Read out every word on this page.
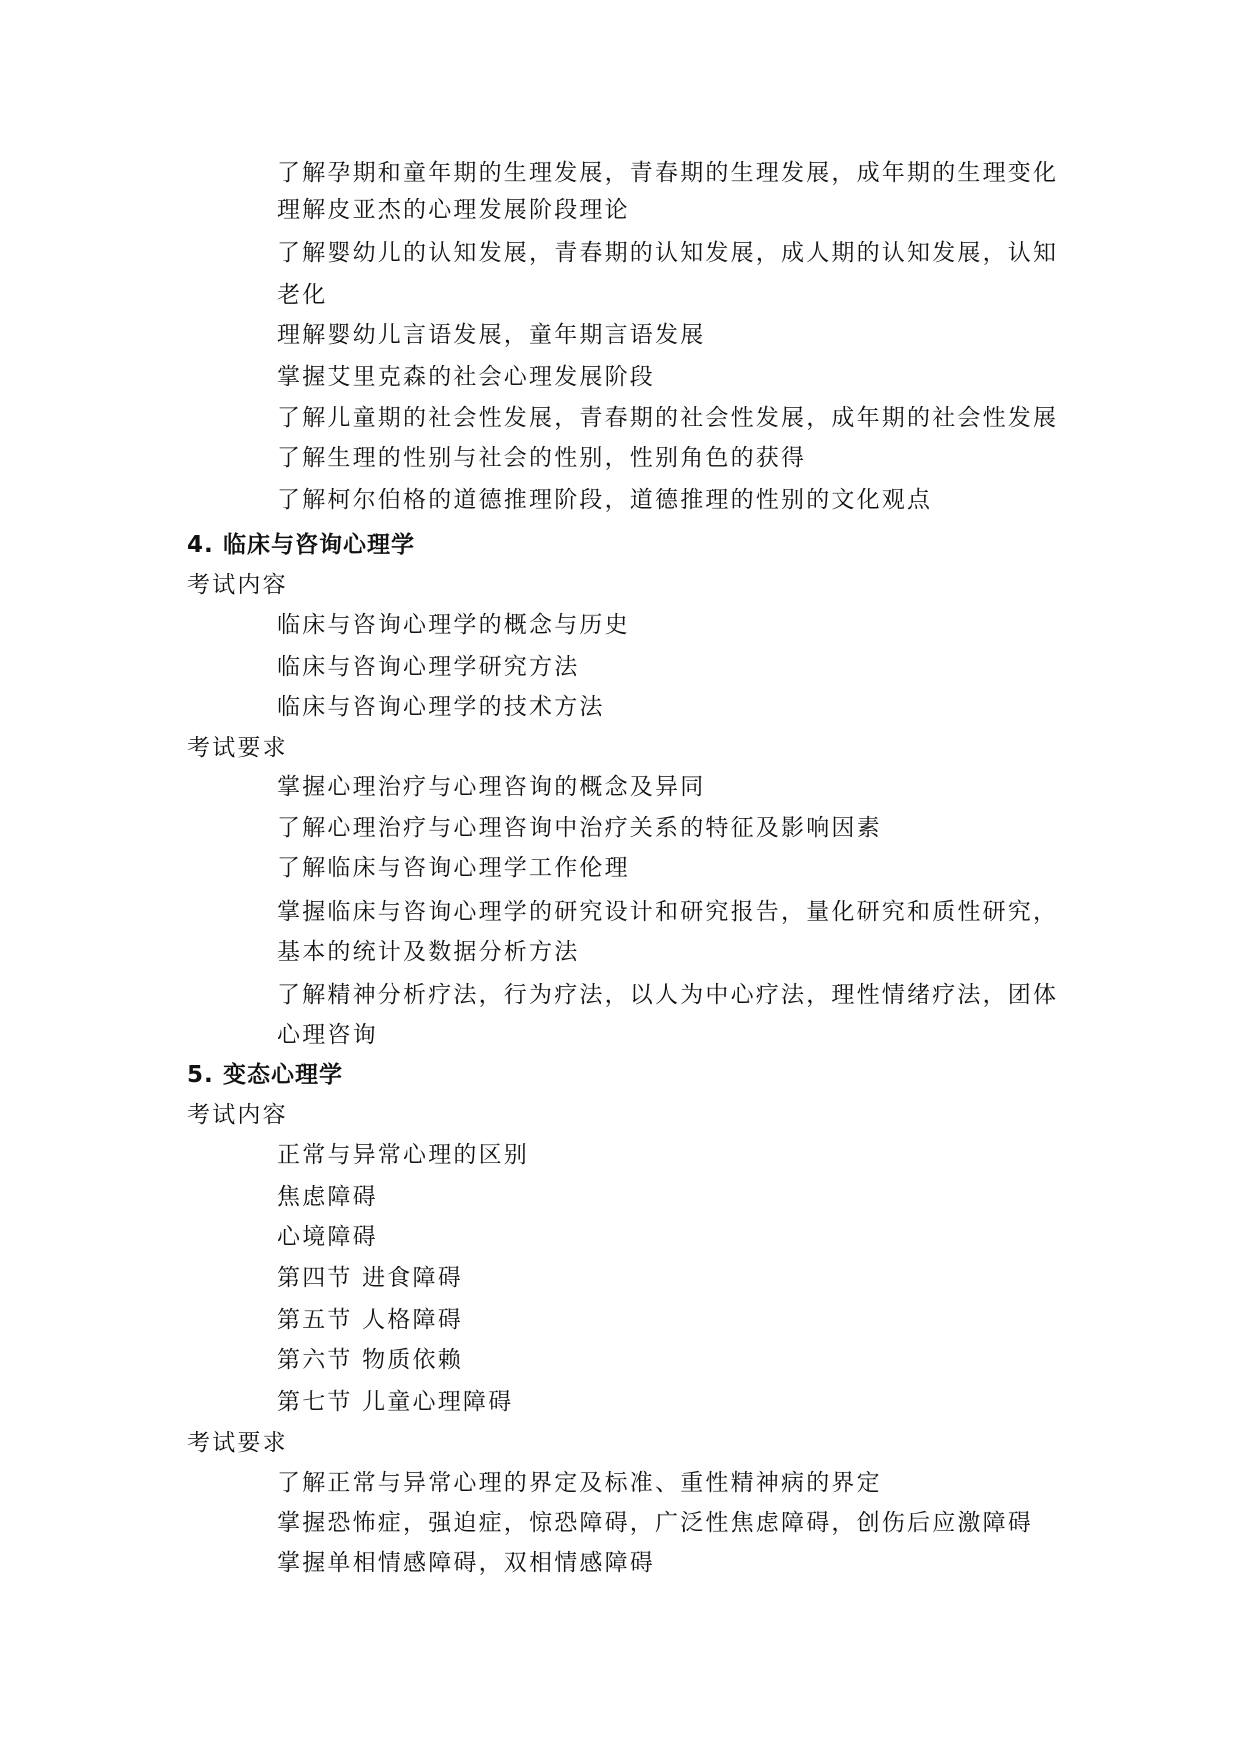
了解孕期和童年期的生理发展，青春期的生理发展，成年期的生理变化
理解皮亚杰的心理发展阶段理论
了解婴幼儿的认知发展，青春期的认知发展，成人期的认知发展，认知
老化
理解婴幼儿言语发展，童年期言语发展
掌握艾里克森的社会心理发展阶段
了解儿童期的社会性发展，青春期的社会性发展，成年期的社会性发展
了解生理的性别与社会的性别，性别角色的获得
了解柯尔伯格的道德推理阶段，道德推理的性别的文化观点
4. 临床与咨询心理学
考试内容
临床与咨询心理学的概念与历史
临床与咨询心理学研究方法
临床与咨询心理学的技术方法
考试要求
掌握心理治疗与心理咨询的概念及异同
了解心理治疗与心理咨询中治疗关系的特征及影响因素
了解临床与咨询心理学工作伦理
掌握临床与咨询心理学的研究设计和研究报告，量化研究和质性研究，
基本的统计及数据分析方法
了解精神分析疗法，行为疗法，以人为中心疗法，理性情绪疗法，团体
心理咨询
5. 变态心理学
考试内容
正常与异常心理的区别
焦虑障碍
心境障碍
第四节 进食障碍
第五节 人格障碍
第六节 物质依赖
第七节 儿童心理障碍
考试要求
了解正常与异常心理的界定及标准、重性精神病的界定
掌握恐怖症，强迫症，惊恐障碍，广泛性焦虑障碍，创伤后应激障碍
掌握单相情感障碍，双相情感障碍
